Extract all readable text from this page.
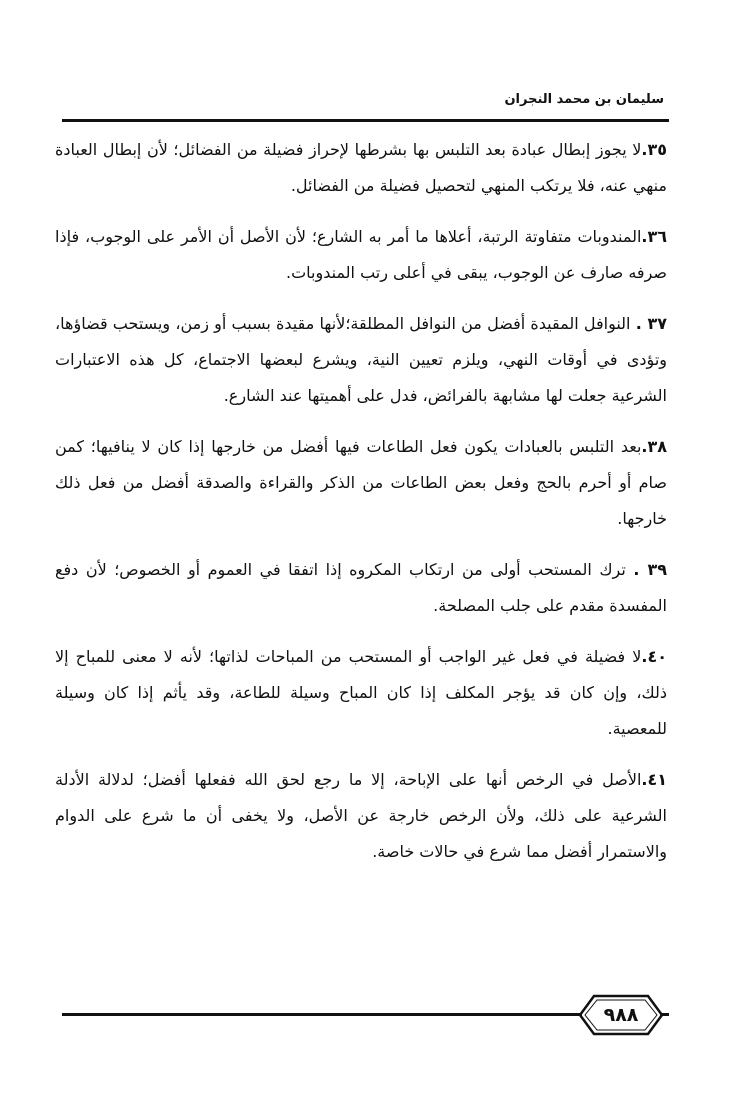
سليمان بن محمد النجران

٣٥.لا يجوز إبطال عبادة بعد التلبس بها بشرطها لإحراز فضيلة من الفضائل؛ لأن إبطال العبادة منهي عنه، فلا يرتكب المنهي لتحصيل فضيلة من الفضائل.

٣٦.المندوبات متفاوتة الرتبة، أعلاها ما أمر به الشارع؛ لأن الأصل أن الأمر على الوجوب، فإذا صرفه صارف عن الوجوب، يبقى في أعلى رتب المندوبات.

٣٧ . النوافل المقيدة أفضل من النوافل المطلقة؛لأنها مقيدة بسبب أو زمن، ويستحب قضاؤها، وتؤدى في أوقات النهي، ويلزم تعيين النية، ويشرع لبعضها الاجتماع، كل هذه الاعتبارات الشرعية جعلت لها مشابهة بالفرائض، فدل على أهميتها عند الشارع.

٣٨.بعد التلبس بالعبادات يكون فعل الطاعات فيها أفضل من خارجها إذا كان لا ينافيها؛ كمن صام أو أحرم بالحج وفعل بعض الطاعات من الذكر والقراءة والصدقة أفضل من فعل ذلك خارجها.

٣٩ . ترك المستحب أولى من ارتكاب المكروه إذا اتفقا في العموم أو الخصوص؛ لأن دفع المفسدة مقدم على جلب المصلحة.

٤٠.لا فضيلة في فعل غير الواجب أو المستحب من المباحات لذاتها؛ لأنه لا معنى للمباح إلا ذلك، وإن كان قد يؤجر المكلف إذا كان المباح وسيلة للطاعة، وقد يأثم إذا كان وسيلة للمعصية.

٤١.الأصل في الرخص أنها على الإباحة، إلا ما رجع لحق الله ففعلها أفضل؛ لدلالة الأدلة الشرعية على ذلك، ولأن الرخص خارجة عن الأصل، ولا يخفى أن ما شرع على الدوام والاستمرار أفضل مما شرع في حالات خاصة.

٩٨٨
